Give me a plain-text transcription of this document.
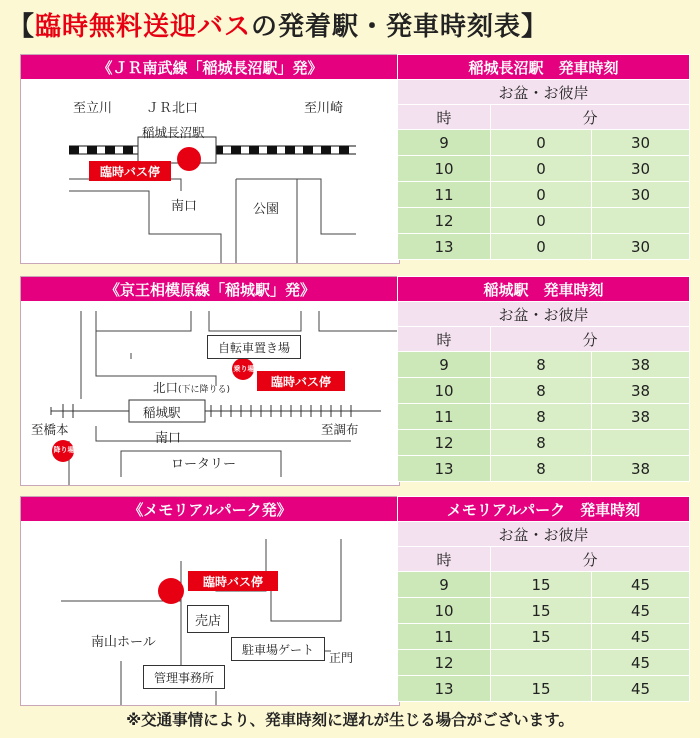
【 臨時無料送迎バス の発着駅・発車時刻表 】
《ＪＲ南武線「稲城長沼駅」発》
至立川	ＪＲ北口	至川崎
稲城長沼駅
臨時バス停
南口	公園
稲城長沼駅　発車時刻		
お盆・お彼岸		
時	分	
9	0	30
10	0	30
11	0	30
12	0	
13	0	30
《京王相模原線「稲城駅」発》
自転車置き場
乗り場
臨時バス停
北口(下に降りる)
稲城駅
至橋本
降り場
南口
至調布
ロータリー
稲城駅　発車時刻		
お盆・お彼岸		
時	分	
9	8	38
10	8	38
11	8	38
12	8	
13	8	38
《メモリアルパーク発》
臨時バス停
売店
南山ホール	駐車場ゲート
正門
管理事務所
メモリアルパーク　発車時刻		
お盆・お彼岸		
時	分	
9	15	45
10	15	45
11	15	45
12		45
13	15	45
※交通事情により、発車時刻に遅れが生じる場合がございます。
